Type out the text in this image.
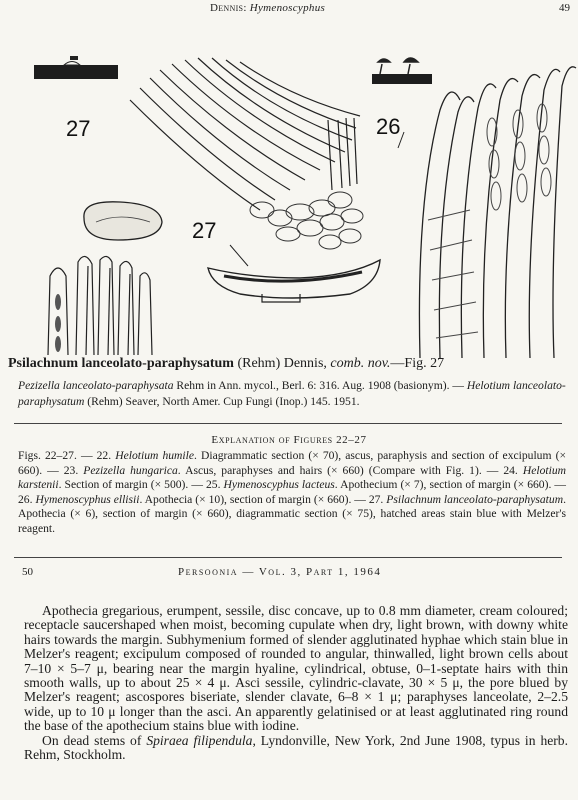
Dennis: Hymenoscyphus	49
27	26
27
Psilachnum lanceolato-paraphysatum (Rehm) Dennis, comb. nov.—Fig. 27
Pezizella lanceolato-paraphysata Rehm in Ann. mycol., Berl. 6: 316. Aug. 1908 (basionym). — Helotium lanceolato-paraphysatum (Rehm) Seaver, North Amer. Cup Fungi (Inop.) 145. 1951.
Explanation of Figures 22–27
Figs. 22–27. — 22. Helotium humile. Diagrammatic section (× 70), ascus, paraphysis and section of excipulum (× 660). — 23. Pezizella hungarica. Ascus, paraphyses and hairs (× 660) (Compare with Fig. 1). — 24. Helotium karstenii. Section of margin (× 500). — 25. Hymenoscyphus lacteus. Apothecium (× 7), section of margin (× 660). — 26. Hymenoscyphus ellisii. Apothecia (× 10), section of margin (× 660). — 27. Psilachnum lanceolato-paraphysatum. Apothecia (× 6), section of margin (× 660), diagrammatic section (× 75), hatched areas stain blue with Melzer's reagent.
50	Persoonia — Vol. 3, Part 1, 1964

Apothecia gregarious, erumpent, sessile, disc concave, up to 0.8 mm diameter, cream coloured; receptacle saucershaped when moist, becoming cupulate when dry, light brown, with downy white hairs towards the margin. Subhymenium formed of slender agglutinated hyphae which stain blue in Melzer's reagent; excipulum composed of rounded to angular, thinwalled, light brown cells about 7–10 × 5–7 μ, bearing near the margin hyaline, cylindrical, obtuse, 0–1-septate hairs with thin smooth walls, up to about 25 × 4 μ. Asci sessile, cylindric-clavate, 30 × 5 μ, the pore blued by Melzer's reagent; ascospores biseriate, slender clavate, 6–8 × 1 μ; paraphyses lanceolate, 2–2.5 wide, up to 10 μ longer than the asci. An apparently gelatinised or at least agglutinated ring round the base of the apothecium stains blue with iodine.

On dead stems of Spiraea filipendula, Lyndonville, New York, 2nd June 1908, typus in herb. Rehm, Stockholm.
